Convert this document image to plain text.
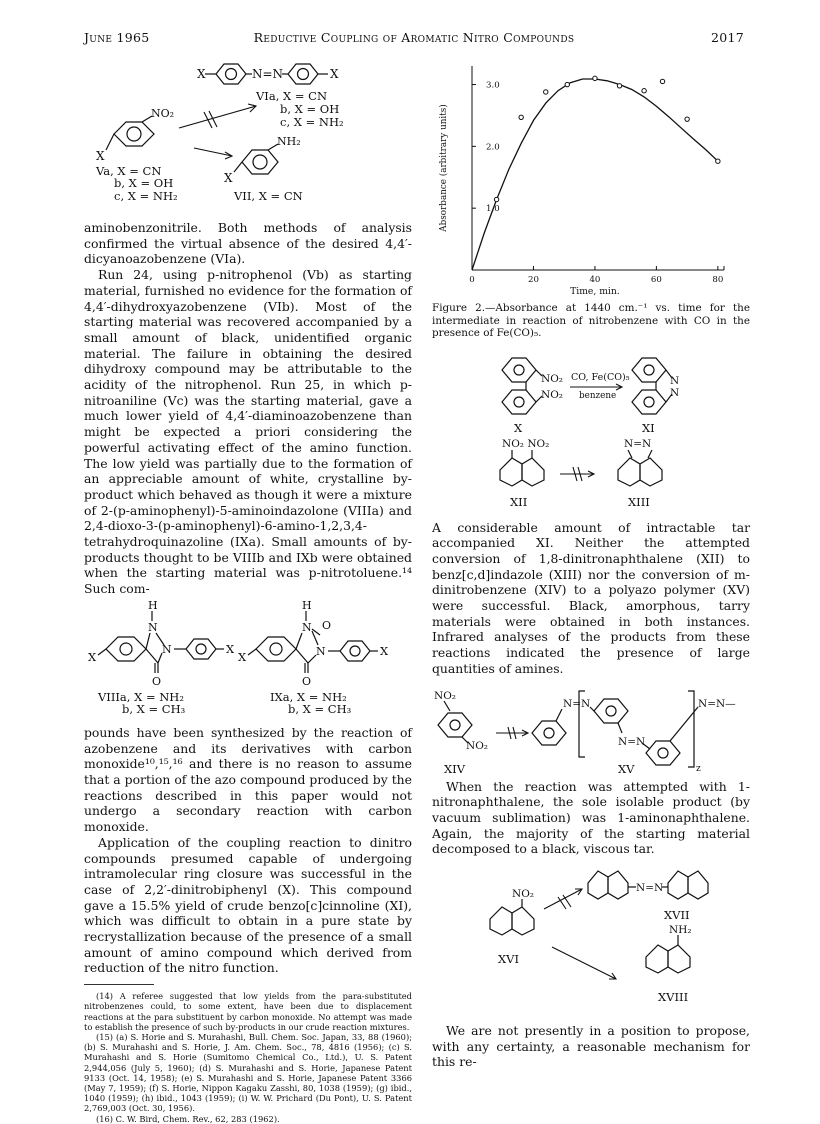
June 1965	Reductive Coupling of Aromatic Nitro Compounds	2017
X	N=N	X
VIa, X = CN
b, X = OH
c, X = NH₂
NO₂
X
Va, X = CN
b, X = OH
c, X = NH₂
NH₂
X
VII, X = CN

aminobenzonitrile. Both methods of analysis confirmed the virtual absence of the desired 4,4′-dicyanoazobenzene (VIa).

Run 24, using p-nitrophenol (Vb) as starting material, furnished no evidence for the formation of 4,4′-dihydroxyazobenzene (VIb). Most of the starting material was recovered accompanied by a small amount of black, unidentified organic material. The failure in obtaining the desired dihydroxy compound may be attributable to the acidity of the nitrophenol. Run 25, in which p-nitroaniline (Vc) was the starting material, gave a much lower yield of 4,4′-diaminoazobenzene than might be expected a priori considering the powerful activating effect of the amino function. The low yield was partially due to the formation of an appreciable amount of white, crystalline by-product which behaved as though it were a mixture of 2-(p-aminophenyl)-5-aminoindazolone (VIIIa) and 2,4-dioxo-3-(p-aminophenyl)-6-amino-1,2,3,4-tetrahydroquinazoline (IXa). Small amounts of by-products thought to be VIIIb and IXb were obtained when the starting material was p-nitrotoluene.¹⁴ Such com-

H
N
N
O
X
X
VIIIa, X = NH₂
b, X = CH₃
H
N O
N
O
X
X
IXa, X = NH₂
b, X = CH₃

pounds have been synthesized by the reaction of azobenzene and its derivatives with carbon monoxide¹⁰,¹⁵,¹⁶ and there is no reason to assume that a portion of the azo compound produced by the reactions described in this paper would not undergo a secondary reaction with carbon monoxide.

Application of the coupling reaction to dinitro compounds presumed capable of undergoing intramolecular ring closure was successful in the case of 2,2′-dinitrobiphenyl (X). This compound gave a 15.5% yield of crude benzo[c]cinnoline (XI), which was difficult to obtain in a pure state by recrystallization because of the presence of a small amount of amino compound which derived from reduction of the nitro function.

(14) A referee suggested that low yields from the para-substituted nitrobenzenes could, to some extent, have been due to displacement reactions at the para substituent by carbon monoxide. No attempt was made to establish the presence of such by-products in our crude reaction mixtures.

(15) (a) S. Horie and S. Murahashi, Bull. Chem. Soc. Japan, 33, 88 (1960); (b) S. Murahashi and S. Horie, J. Am. Chem. Soc., 78, 4816 (1956); (c) S. Murahashi and S. Horie (Sumitomo Chemical Co., Ltd.), U. S. Patent 2,944,056 (July 5, 1960); (d) S. Murahashi and S. Horie, Japanese Patent 9133 (Oct. 14, 1958); (e) S. Murahashi and S. Horie, Japanese Patent 3366 (May 7, 1959); (f) S. Horie, Nippon Kagaku Zasshi, 80, 1038 (1959); (g) ibid., 1040 (1959); (h) ibid., 1043 (1959); (i) W. W. Prichard (Du Pont), U. S. Patent 2,769,003 (Oct. 30, 1956).

(16) C. W. Bird, Chem. Rev., 62, 283 (1962).

0	20	40	60	80
1.0
2.0
3.0
Absorbance (arbitrary units)
Time, min.

Figure 2.—Absorbance at 1440 cm.⁻¹ vs. time for the intermediate in reaction of nitrobenzene with CO in the presence of Fe(CO)₅.

NO₂
NO₂
CO, Fe(CO)₅
benzene
N
N
X	XI
NO₂ NO₂	N=N
XII	XIII

A considerable amount of intractable tar accompanied XI. Neither the attempted conversion of 1,8-dinitronaphthalene (XII) to benz[c,d]indazole (XIII) nor the conversion of m-dinitrobenzene (XIV) to a polyazo polymer (XV) were successful. Black, amorphous, tarry materials were obtained in both instances. Infrared analyses of the products from these reactions indicated the presence of large quantities of amines.

NO₂
NO₂
N=N
N=N
z
N=N—
XIV	XV

When the reaction was attempted with 1-nitronaphthalene, the sole isolable product (by vacuum sublimation) was 1-aminonaphthalene. Again, the majority of the starting material decomposed to a black, viscous tar.

NO₂	N=N
XVII
NH₂
XVI
XVIII

We are not presently in a position to propose, with any certainty, a reasonable mechanism for this re-
